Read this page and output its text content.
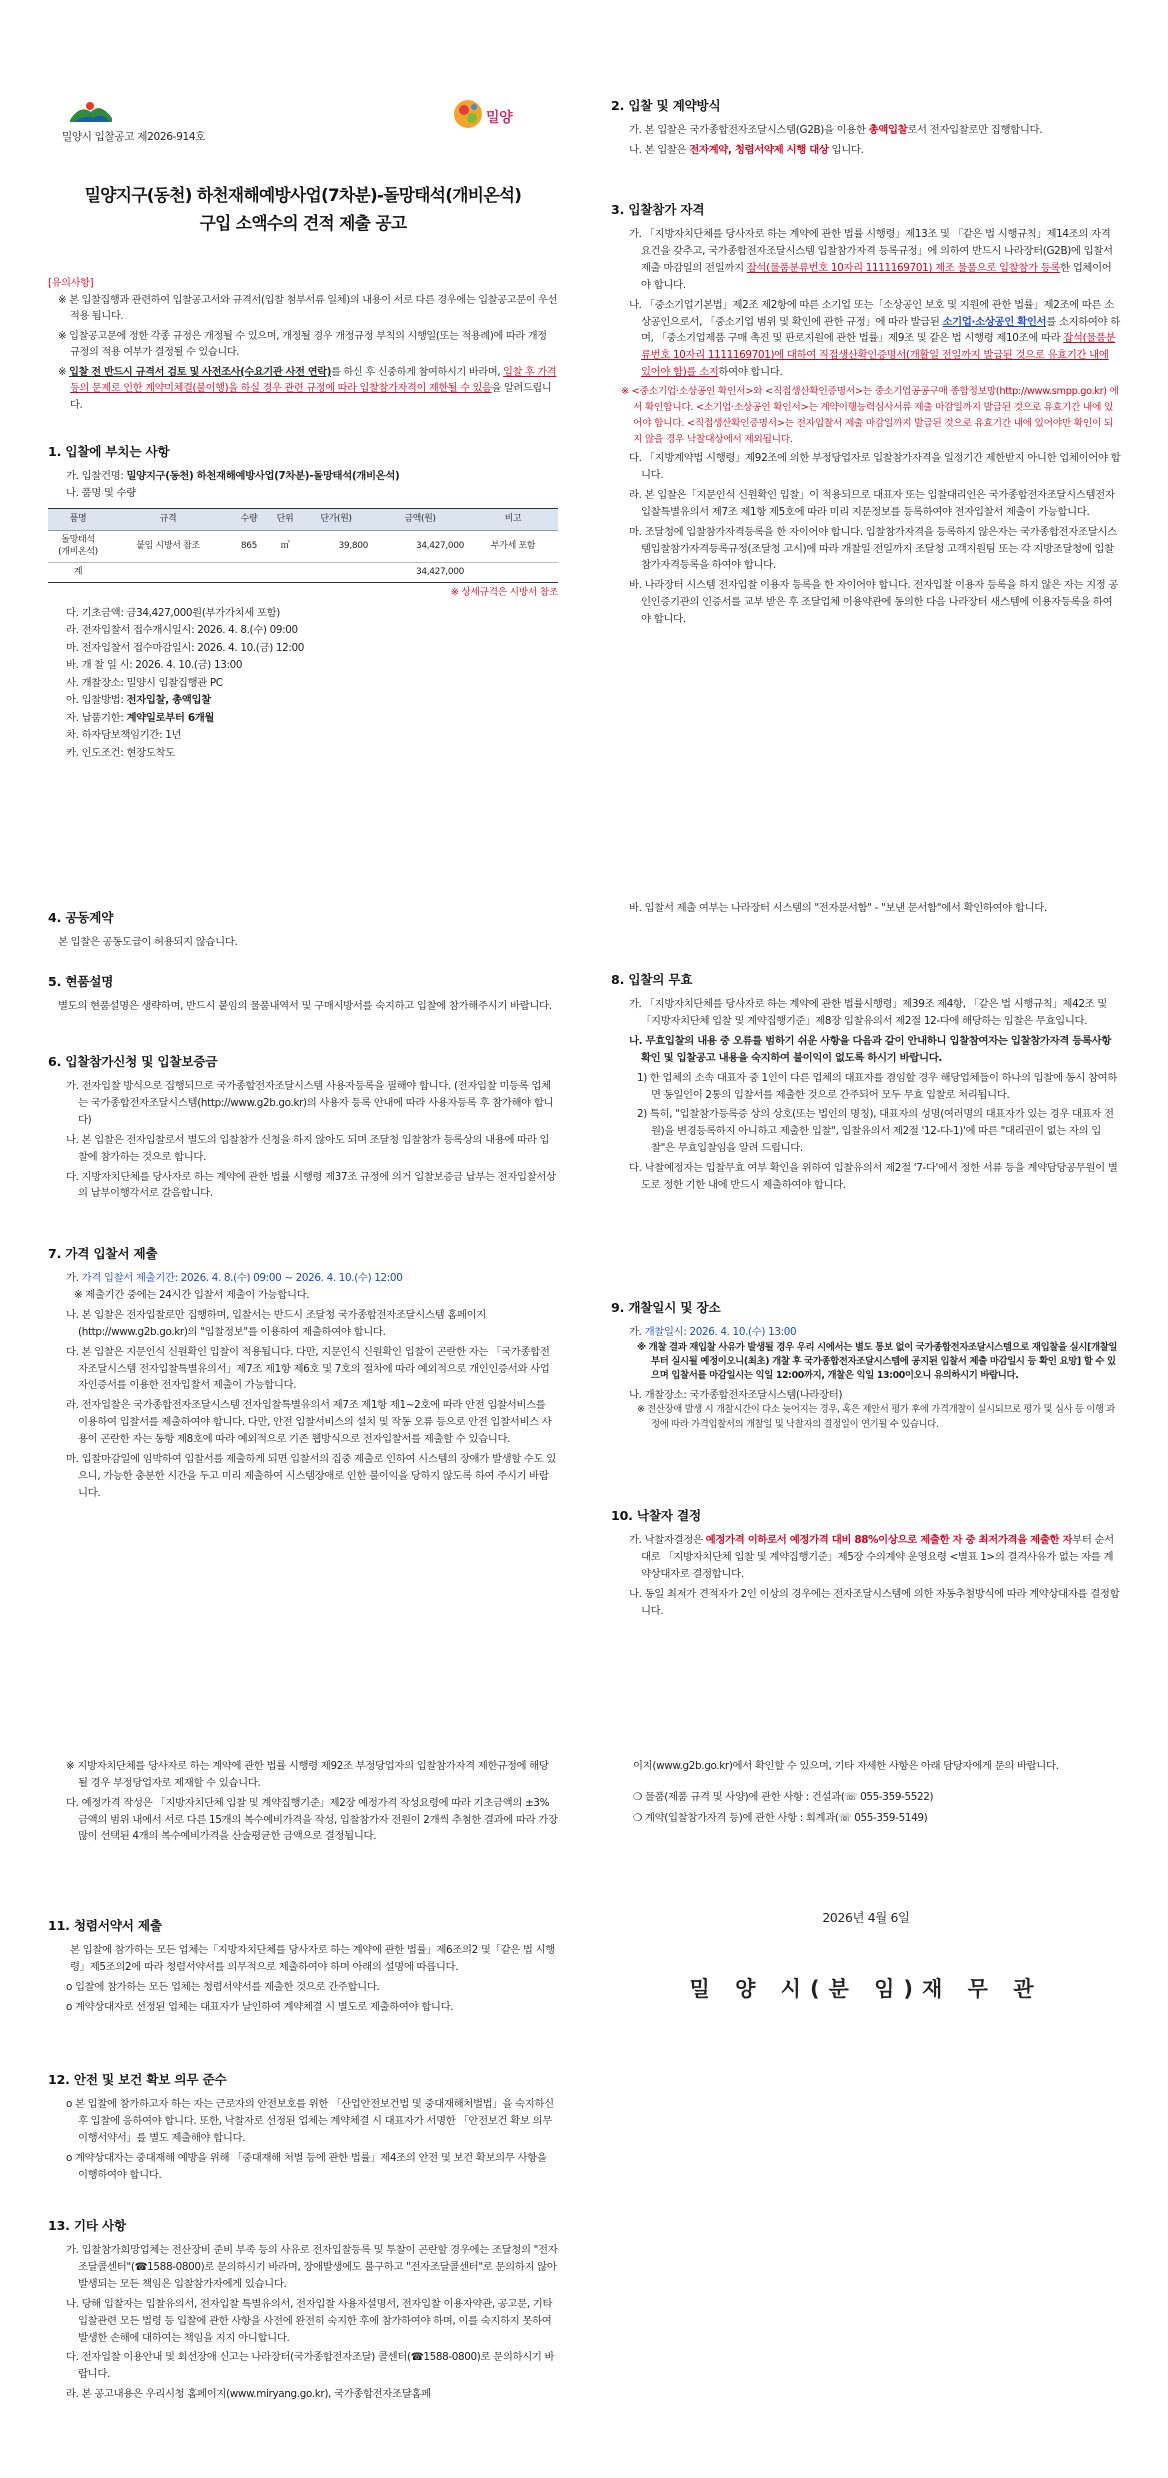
밀양시 입찰공고 제2026-914호
밀양
밀양지구(동천) 하천재해예방사업(7차분)-돌망태석(개비온석)
구입 소액수의 견적 제출 공고
[유의사항]
※ 본 입찰집행과 관련하여 입찰공고서와 규격서(입찰 첨부서류 일체)의 내용이 서로 다른 경우에는 입찰공고문이 우선 적용 됩니다.
※ 입찰공고문에 정한 각종 규정은 개정될 수 있으며, 개정될 경우 개정규정 부칙의 시행일(또는 적용례)에 따라 개정 규정의 적용 여부가 결정될 수 있습니다.
※ 입찰 전 반드시 규격서 검토 및 사전조사(수요기관 사전 연락)를 하신 후 신중하게 참여하시기 바라며, 입찰 후 가격 등의 문제로 인한 계약미체결(불이행)을 하실 경우 관련 규정에 따라 입찰참가자격이 제한될 수 있음을 알려드립니다.
1. 입찰에 부치는 사항
가. 입찰건명: 밀양지구(동천) 하천재해예방사업(7차분)-돌망태석(개비온석)
나. 품명 및 수량
품명	규격	수량	단위	단가(원)	금액(원)	비고
돌망태석
(개비온석)	붙임 시방서 참조	865	㎥	39,800	34,427,000	부가세 포함
계					34,427,000	
※ 상세규격은 시방서 참조
다. 기초금액: 금34,427,000원(부가가치세 포함)
라. 전자입찰서 접수개시일시: 2026. 4. 8.(수) 09:00
마. 전자입찰서 접수마감일시: 2026. 4. 10.(금) 12:00
바. 개 찰 일 시: 2026. 4. 10.(금) 13:00
사. 개찰장소: 밀양시 입찰집행관 PC
아. 입찰방법: 전자입찰, 총액입찰
자. 납품기한: 계약일로부터 6개월
차. 하자담보책임기간: 1년
카. 인도조건: 현장도착도
2. 입찰 및 계약방식
가. 본 입찰은 국가종합전자조달시스템(G2B)을 이용한 총액입찰로서 전자입찰로만 집행합니다.
나. 본 입찰은 전자계약, 청렴서약제 시행 대상 입니다.
3. 입찰참가 자격
가. 「지방자치단체를 당사자로 하는 계약에 관한 법률 시행령」제13조 및 「같은 법 시행규칙」제14조의 자격 요건을 갖추고, 국가종합전자조달시스템 입찰참가자격 등록규정」에 의하여 반드시 나라장터(G2B)에 입찰서 제출 마감일의 전일까지 잡석(물품분류번호 10자리 1111169701) 제조 물품으로 입찰참가 등록한 업체이어야 합니다.
나. 「중소기업기본법」제2조 제2항에 따른 소기업 또는「소상공인 보호 및 지원에 관한 법률」제2조에 따른 소상공인으로서, 「중소기업 범위 및 확인에 관한 규정」에 따라 발급된 소기업·소상공인 확인서를 소지하여야 하며, 「중소기업제품 구매 촉진 및 판로지원에 관한 법률」제9조 및 같은 법 시행령 제10조에 따라 잡석(물품분류번호 10자리 1111169701)에 대하여 직접생산확인증명서(개활일 전일까지 발급된 것으로 유효기간 내에 있어야 함)를 소지하여야 합니다.
※ <중소기업·소상공인 확인서>와 <직접생산확인증명서>는 중소기업공공구매 종합정보망(http://www.smpp.go.kr) 에서 확인합니다. <소기업·소상공인 확인서>는 계약이행능력심사서류 제출 마감일까지 발급된 것으로 유효기간 내에 있어야 합니다. <직접생산확인증명서>는 전자입찰서 제출 마감일까지 발급된 것으로 유효기간 내에 있어야만 확인이 되지 않을 경우 낙찰대상에서 제외됩니다.
다. 「지방계약법 시행령」제92조에 의한 부정당업자로 입찰참가자격을 일정기간 제한받지 아니한 업체이어야 합니다.
라. 본 입찰은「지문인식 신원확인 입찰」이 적용되므로 대표자 또는 입찰대리인은 국가종합전자조달시스템전자입찰특별유의서 제7조 제1항 제5호에 따라 미리 지문정보를 등록하여야 전자입찰서 제출이 가능합니다.
마. 조달청에 입찰참가자격등록을 한 자이어야 합니다. 입찰참가자격을 등록하지 않은자는 국가종합전자조달시스템입찰참가자격등록규정(조달청 고시)에 따라 개찰일 전일까지 조달청 고객지원팀 또는 각 지방조달청에 입찰참가자격등록을 하여야 합니다.
바. 나라장터 시스템 전자입찰 이용자 등록을 한 자이어야 합니다. 전자입찰 이용자 등록을 하지 않은 자는 지정 공인인증기관의 인증서를 교부 받은 후 조달업체 이용약관에 동의한 다음 나라장터 새스템에 이용자등록을 하여야 합니다.
4. 공동계약
본 입찰은 공동도급이 허용되지 않습니다.
5. 현품설명
별도의 현품설명은 생략하며, 반드시 붙임의 물품내역서 및 구매시방서를 숙지하고 입찰에 참가해주시기 바랍니다.
6. 입찰참가신청 및 입찰보증금
가. 전자입찰 방식으로 집행되므로 국가종합전자조달시스템 사용자등록을 필해야 합니다. (전자입찰 미등록 업체는 국가종합전자조달시스템(http://www.g2b.go.kr)의 사용자 등록 안내에 따라 사용자등록 후 참가해야 합니다)
나. 본 입찰은 전자입찰로서 별도의 입찰참가 신청을 하지 않아도 되며 조달청 입찰참가 등록상의 내용에 따라 입찰에 참가하는 것으로 합니다.
다. 지방자치단체를 당사자로 하는 계약에 관한 법률 시행령 제37조 규정에 의거 입찰보증금 납부는 전자입찰서상의 납부이행각서로 갈음합니다.
7. 가격 입찰서 제출
가. 가격 입찰서 제출기간: 2026. 4. 8.(수) 09:00 ~ 2026. 4. 10.(수) 12:00
※ 제출기간 중에는 24시간 입찰서 제출이 가능합니다.
나. 본 입찰은 전자입찰로만 집행하며, 입찰서는 반드시 조달청 국가종합전자조달시스템 홈페이지(http://www.g2b.go.kr)의 "입찰정보"를 이용하여 제출하여야 합니다.
다. 본 입찰은 지문인식 신원확인 입찰이 적용됩니다. 다만, 지문인식 신원확인 입찰이 곤란한 자는 「국가종합전자조달시스템 전자입찰특별유의서」제7조 제1항 제6호 및 7호의 절차에 따라 예외적으로 개인인증서와 사업자인증서를 이용한 전자입찰서 제출이 가능합니다.
라. 전자입찰은 국가종합전자조달시스템 전자입찰특별유의서 제7조 제1항 제1~2호에 따라 안전 입찰서비스를 이용하여 입찰서를 제출하여야 합니다. 다만, 안전 입찰서비스의 설치 및 작동 오류 등으로 안전 입찰서비스 사용이 곤란한 자는 동항 제8호에 따라 예외적으로 기존 웹방식으로 전자입찰서를 제출할 수 있습니다.
마. 입찰마감일에 임박하여 입찰서를 제출하게 되면 입찰서의 집중 제출로 인하여 시스템의 장애가 발생할 수도 있으니, 가능한 충분한 시간을 두고 미리 제출하여 시스템장애로 인한 불이익을 당하지 않도록 하여 주시기 바랍니다.
바. 입찰서 제출 여부는 나라장터 시스템의 "전자문서함" - "보낸 문서함"에서 확인하여야 합니다.
8. 입찰의 무효
가. 「지방자치단체를 당사자로 하는 계약에 관한 법률시행령」제39조 제4항, 「같은 법 시행규칙」제42조 및「지방자치단체 입찰 및 계약집행기준」제8장 입찰유의서 제2절 12-다에 해당하는 입찰은 무효입니다.
나. 무효입찰의 내용 중 오류를 범하기 쉬운 사항을 다음과 같이 안내하니 입찰참여자는 입찰참가자격 등록사항 확인 및 입찰공고 내용을 숙지하여 불이익이 없도록 하시기 바랍니다.
1) 한 업체의 소속 대표자 중 1인이 다른 업체의 대표자를 겸임할 경우 해당업체들이 하나의 입찰에 동시 참여하면 동일인이 2통의 입찰서를 제출한 것으로 간주되어 모두 무효 입찰로 처리됩니다.
2) 특히, "입찰참가등록증 상의 상호(또는 법인의 명칭), 대표자의 성명(여러명의 대표자가 있는 경우 대표자 전원)을 변경등록하지 아니하고 제출한 입찰", 입찰유의서 제2절 '12-다-1)'에 따른 "대리권이 없는 자의 입찰"은 무효입찰임을 알려 드립니다.
다. 낙찰예정자는 입찰무효 여부 확인을 위하여 입찰유의서 제2절 '7-다'에서 정한 서류 등을 계약담당공무원이 별도로 정한 기한 내에 반드시 제출하여야 합니다.
9. 개찰일시 및 장소
가. 개찰일시: 2026. 4. 10.(수) 13:00
※ 개찰 결과 재입찰 사유가 발생될 경우 우리 시에서는 별도 통보 없이 국가종합전자조달시스템으로 재입찰을 실시[개찰일부터 실시될 예정이오니(최초) 개찰 후 국가종합전자조달시스템에 공지된 입찰서 제출 마감일시 등 확인 요망] 할 수 있으며 입찰서를 마감일시는 익일 12:00까지, 개찰은 익일 13:00이오니 유의하시기 바랍니다.
나. 개찰장소: 국가종합전자조달시스템(나라장터)
※ 전산장애 발생 시 개찰시간이 다소 늦어지는 경우, 혹은 제안서 평가 후에 가격개찰이 실시되므로 평가 및 심사 등 이행 과정에 따라 가격입찰서의 개찰일 및 낙찰자의 결정일이 연기될 수 있습니다.
10. 낙찰자 결정
가. 낙찰자결정은 예정가격 이하로서 예정가격 대비 88%이상으로 제출한 자 중 최저가격을 제출한 자부터 순서대로 「지방자치단체 입찰 및 계약집행기준」제5장 수의계약 운영요령 <별표 1>의 결격사유가 없는 자를 계약상대자로 결정합니다.
나. 동일 최저가 견적자가 2인 이상의 경우에는 전자조달시스템에 의한 자동추첨방식에 따라 계약상대자를 결정합니다.
※ 지방자치단체를 당사자로 하는 계약에 관한 법률 시행령 제92조 부정당업자의 입찰참가자격 제한규정에 해당될 경우 부정당업자로 제재할 수 있습니다.
다. 예정가격 작성은 「지방자치단체 입찰 및 계약집행기준」제2장 예정가격 작성요령에 따라 기초금액의 ±3% 금액의 범위 내에서 서로 다른 15개의 복수예비가격을 작성, 입찰참가자 전원이 2개씩 추첨한 결과에 따라 가장 많이 선택된 4개의 복수예비가격을 산술평균한 금액으로 결정됩니다.
11. 청렴서약서 제출
본 입찰에 참가하는 모든 업체는「지방자치단체를 당사자로 하는 계약에 관한 법률」제6조의2 및「같은 법 시행령」제5조의2에 따라 청렴서약서를 의무적으로 제출하여야 하며 아래의 설명에 따릅니다.
o 입찰에 참가하는 모든 업체는 청렴서약서를 제출한 것으로 간주합니다.
o 계약상대자로 선정된 업체는 대표자가 날인하여 계약체결 시 별도로 제출하여야 합니다.
12. 안전 및 보건 확보 의무 준수
o 본 입찰에 참가하고자 하는 자는 근로자의 안전보호를 위한 「산업안전보건법 및 중대재해처벌법」을 숙지하신 후 입찰에 응하여야 합니다. 또한, 낙찰자로 선정된 업체는 계약체결 시 대표자가 서명한 「안전보건 확보 의무 이행서약서」를 별도 제출해야 합니다.
o 계약상대자는 중대재해 예방을 위해 「중대재해 처벌 등에 관한 법률」제4조의 안전 및 보건 확보의무 사항을 이행하여야 합니다.
13. 기타 사항
가. 입찰참가희망업체는 전산장비 준비 부족 등의 사유로 전자입찰등록 및 투찰이 곤란할 경우에는 조달청의 "전자조달콜센터"(☎1588-0800)로 문의하시기 바라며, 장애발생에도 불구하고 "전자조달콜센터"로 문의하지 않아 발생되는 모든 책임은 입찰참가자에게 있습니다.
나. 당해 입찰자는 입찰유의서, 전자입찰 특별유의서, 전자입찰 사용자설명서, 전자입찰 이용자약관, 공고문, 기타 입찰관련 모든 법령 등 입찰에 관한 사항을 사전에 완전히 숙지한 후에 참가하여야 하며, 이를 숙지하지 못하여 발생한 손해에 대하여는 책임을 지지 아니합니다.
다. 전자입찰 이용안내 및 회선장애 신고는 나라장터(국가종합전자조달) 콜센터(☎1588-0800)로 문의하시기 바랍니다.
라. 본 공고내용은 우리시청 홈페이지(www.miryang.go.kr), 국가종합전자조달홈페
이지(www.g2b.go.kr)에서 확인할 수 있으며, 기타 자세한 사항은 아래 담당자에게 문의 바랍니다.
❍ 물품(제품 규격 및 사양)에 관한 사항 : 건설과(☏ 055-359-5522)
❍ 계약(입찰참가자격 등)에 관한 사항 : 회계과(☏ 055-359-5149)
2026년 4월 6일
밀 양 시(분 임)재 무 관
